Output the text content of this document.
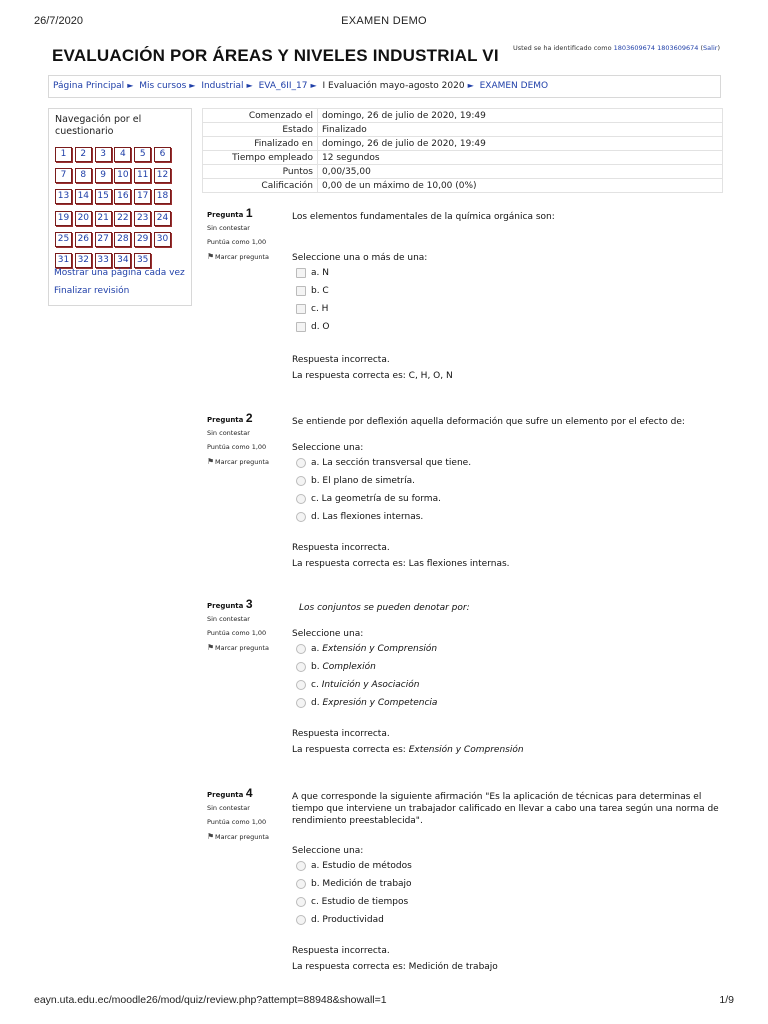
26/7/2020	EXAMEN DEMO
EVALUACIÓN POR ÁREAS Y NIVELES INDUSTRIAL VI Usted se ha identificado como 1803609674 1803609674 (Salir)
Página Principal ► Mis cursos ► Industrial ► EVA_6II_17 ► I Evaluación mayo-agosto 2020 ► EXAMEN DEMO
Navegación por el cuestionario
1	2	3	4	5	6
7	8	9	10 11 12
13 14 15 16 17 18
19 20 21 22 23 24
25 26 27 28 29 30
31 32 33 34 35
Mostrar una página cada vez
Finalizar revisión
Comenzado el	domingo, 26 de julio de 2020, 19:49
Estado	Finalizado
Finalizado en	domingo, 26 de julio de 2020, 19:49
Tiempo empleado	12 segundos
Puntos	0,00/35,00
Calificación	0,00 de un máximo de 10,00 (0%)
Pregunta 1
Sin contestar
Puntúa como 1,00
⚑Marcar pregunta
Los elementos fundamentales de la química orgánica son:
Seleccione una o más de una:
a. N
b. C
c. H
d. O
Respuesta incorrecta.
La respuesta correcta es: C, H, O, N
Pregunta 2
Sin contestar
Puntúa como 1,00
⚑Marcar pregunta
Se entiende por deflexión aquella deformación que sufre un elemento por el efecto de:
Seleccione una:
a. La sección transversal que tiene.
b. El plano de simetría.
c. La geometría de su forma.
d. Las flexiones internas.
Respuesta incorrecta.
La respuesta correcta es: Las flexiones internas.
Pregunta 3
Sin contestar
Puntúa como 1,00
⚑Marcar pregunta
Los conjuntos se pueden denotar por:
Seleccione una:
a.
Extensión y Comprensión
b.
Complexión
c.
Intuición y Asociación
d.
Expresión y Competencia
Respuesta incorrecta.
La respuesta correcta es: Extensión y Comprensión
Pregunta 4
Sin contestar
Puntúa como 1,00
⚑Marcar pregunta
A que corresponde la siguiente afirmación "Es la aplicación de técnicas para determinas el tiempo que interviene un trabajador calificado en llevar a cabo una tarea según una norma de rendimiento preestablecida".
Seleccione una:
a. Estudio de métodos
b. Medición de trabajo
c. Estudio de tiempos
d. Productividad
Respuesta incorrecta.
La respuesta correcta es: Medición de trabajo
eayn.uta.edu.ec/moodle26/mod/quiz/review.php?attempt=88948&showall=1	1/9
